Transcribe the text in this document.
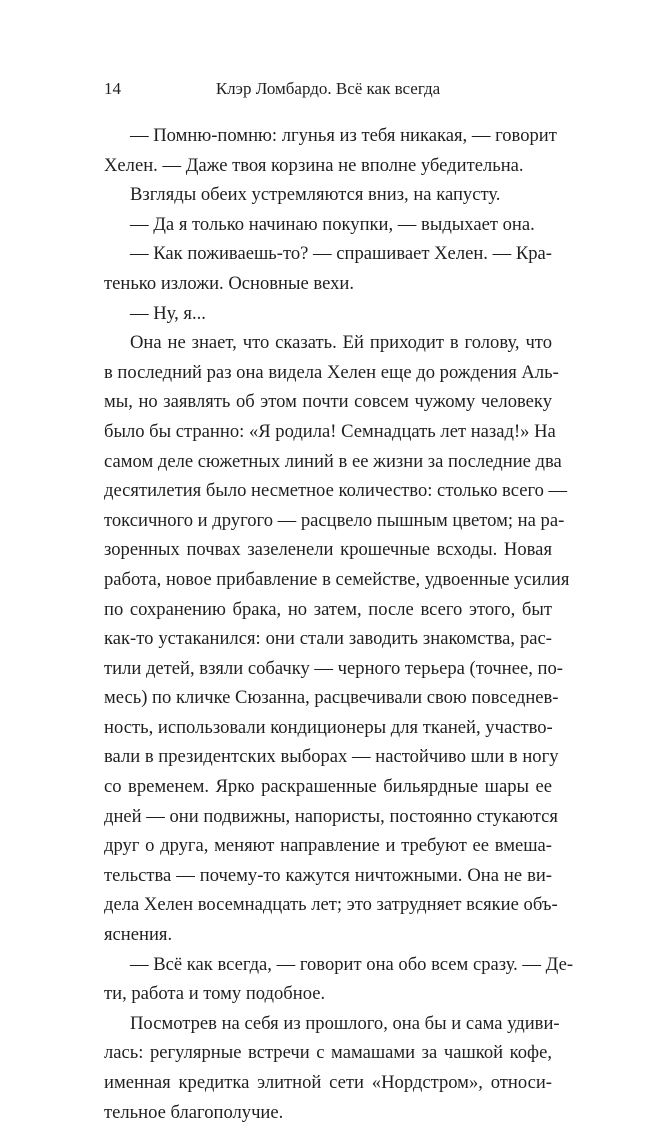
14	Клэр Ломбардо. Всё как всегда
— Помню-помню: лгунья из тебя никакая, — говорит
Хелен. — Даже твоя корзина не вполне убедительна.
Взгляды обеих устремляются вниз, на капусту.
— Да я только начинаю покупки, — выдыхает она.
— Как поживаешь-то? — спрашивает Хелен. — Кра-
тенько изложи. Основные вехи.
— Ну, я...
Она не знает, что сказать. Ей приходит в голову, что
в последний раз она видела Хелен еще до рождения Аль-
мы, но заявлять об этом почти совсем чужому человеку
было бы странно: «Я родила! Семнадцать лет назад!» На
самом деле сюжетных линий в ее жизни за последние два
десятилетия было несметное количество: столько всего —
токсичного и другого — расцвело пышным цветом; на ра-
зоренных почвах зазеленели крошечные всходы. Новая
работа, новое прибавление в семействе, удвоенные усилия
по сохранению брака, но затем, после всего этого, быт
как-то устаканился: они стали заводить знакомства, рас-
тили детей, взяли собачку — черного терьера (точнее, по-
месь) по кличке Сюзанна, расцвечивали свою повседнев-
ность, использовали кондиционеры для тканей, участво-
вали в президентских выборах — настойчиво шли в ногу
со временем. Ярко раскрашенные бильярдные шары ее
дней — они подвижны, напористы, постоянно стукаются
друг о друга, меняют направление и требуют ее вмеша-
тельства — почему-то кажутся ничтожными. Она не ви-
дела Хелен восемнадцать лет; это затрудняет всякие объ-
яснения.
— Всё как всегда, — говорит она обо всем сразу. — Де-
ти, работа и тому подобное.
Посмотрев на себя из прошлого, она бы и сама удиви-
лась: регулярные встречи с мамашами за чашкой кофе,
именная кредитка элитной сети «Нордстром», относи-
тельное благополучие.
